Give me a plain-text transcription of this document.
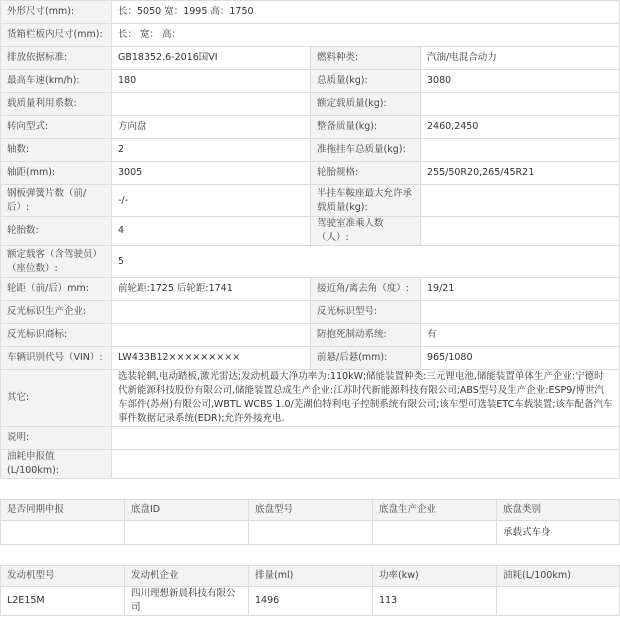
外形尺寸(mm):	长：5050 宽：1995 高：1750		
货箱栏板内尺寸(mm):	长： 宽： 高：		
排放依据标准:	GB18352.6-2016国VI	燃料种类:	汽油/电混合动力
最高车速(km/h):	180	总质量(kg):	3080
载质量利用系数:		额定载质量(kg):	
转向型式:	方向盘	整备质量(kg):	2460,2450
轴数:	2	准拖挂车总质量(kg):	
轴距(mm):	3005	轮胎规格:	255/50R20,265/45R21
钢板弹簧片数（前/后）:	-/-	半挂车鞍座最大允许承载质量(kg):	
轮胎数:	4	驾驶室准乘人数（人）:	
额定载客（含驾驶员）（座位数）:	5		
轮距（前/后）mm:	前轮距:1725 后轮距:1741	接近角/离去角（度）:	19/21
反光标识生产企业:		反光标识型号:	
反光标识商标:		防抱死制动系统:	有
车辆识别代号（VIN）:	LW433B12×××××××××	前悬/后悬(mm):	965/1080
其它:	选装轮辋,电动踏板,激光雷达;发动机最大净功率为:110kW;储能装置种类:三元锂电池,储能装置单体生产企业:宁德时代新能源科技股份有限公司,储能装置总成生产企业:江苏时代新能源科技有限公司;ABS型号及生产企业:ESP9/博世汽车部件(苏州)有限公司,WBTL WCBS 1.0/芜湖伯特利电子控制系统有限公司;该车型可选装ETC车载装置;该车配备汽车事件数据记录系统(EDR);允许外接充电.		
说明:			
油耗申报值(L/100km):			
是否同期申报	底盘ID	底盘型号	底盘生产企业	底盘类别
				承载式车身
发动机型号	发动机企业	排量(ml)	功率(kw)	油耗(L/100km)
L2E15M	四川理想新晨科技有限公司	1496	113	
